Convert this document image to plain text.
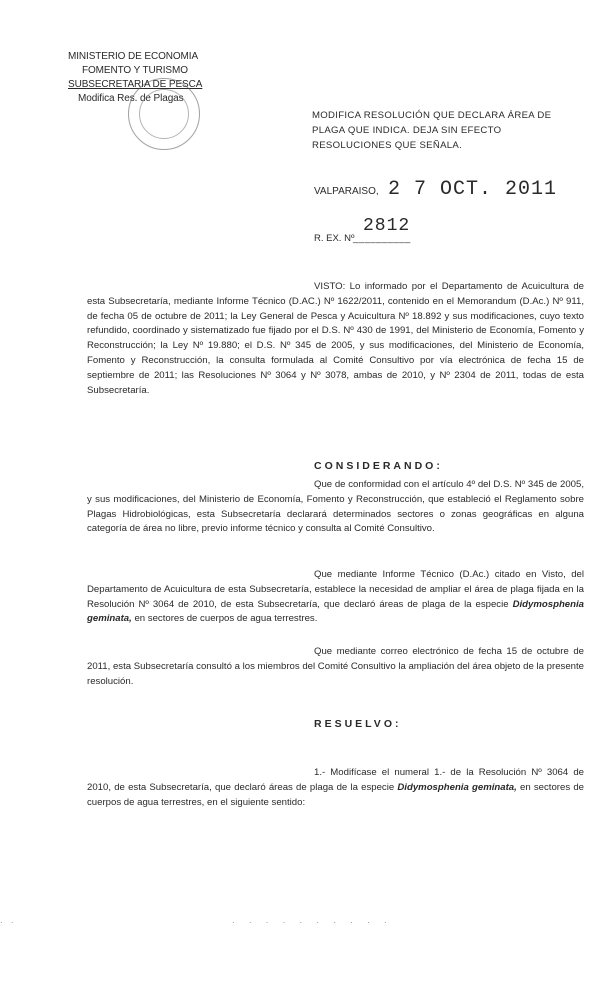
MINISTERIO DE ECONOMIA
FOMENTO Y TURISMO
SUBSECRETARIA DE PESCA
Modifica Res. de Plagas
MODIFICA RESOLUCIÓN QUE DECLARA ÁREA DE PLAGA QUE INDICA. DEJA SIN EFECTO RESOLUCIONES QUE SEÑALA.
VALPARAISO, 2 7 OCT. 2011
2812
R. EX. Nº
__________
VISTO: Lo informado por el Departamento de Acuicultura de esta Subsecretaría, mediante Informe Técnico (D.AC.) Nº 1622/2011, contenido en el Memorandum (D.Ac.) Nº 911, de fecha 05 de octubre de 2011; la Ley General de Pesca y Acuicultura Nº 18.892 y sus modificaciones, cuyo texto refundido, coordinado y sistematizado fue fijado por el D.S. Nº 430 de 1991, del Ministerio de Economía, Fomento y Reconstrucción; la Ley Nº 19.880; el D.S. Nº 345 de 2005, y sus modificaciones, del Ministerio de Economía, Fomento y Reconstrucción, la consulta formulada al Comité Consultivo por vía electrónica de fecha 15 de septiembre de 2011; las Resoluciones Nº 3064 y Nº 3078, ambas de 2010, y Nº 2304 de 2011, todas de esta Subsecretaría.
CONSIDERANDO:
Que de conformidad con el artículo 4º del D.S. Nº 345 de 2005, y sus modificaciones, del Ministerio de Economía, Fomento y Reconstrucción, que estableció el Reglamento sobre Plagas Hidrobiológicas, esta Subsecretaría declarará determinados sectores o zonas geográficas en alguna categoría de área no libre, previo informe técnico y consulta al Comité Consultivo.
Que mediante Informe Técnico (D.Ac.) citado en Visto, del Departamento de Acuicultura de esta Subsecretaría, establece la necesidad de ampliar el área de plaga fijada en la Resolución Nº 3064 de 2010, de esta Subsecretaría, que declaró áreas de plaga de la especie Didymosphenia geminata, en sectores de cuerpos de agua terrestres.
Que mediante correo electrónico de fecha 15 de octubre de 2011, esta Subsecretaría consultó a los miembros del Comité Consultivo la ampliación del área objeto de la presente resolución.
RESUELVO:
1.- Modifícase el numeral 1.- de la Resolución Nº 3064 de 2010, de esta Subsecretaría, que declaró áreas de plaga de la especie Didymosphenia geminata, en sectores de cuerpos de agua terrestres, en el siguiente sentido:
· ·	· · · · · · · · · ·
